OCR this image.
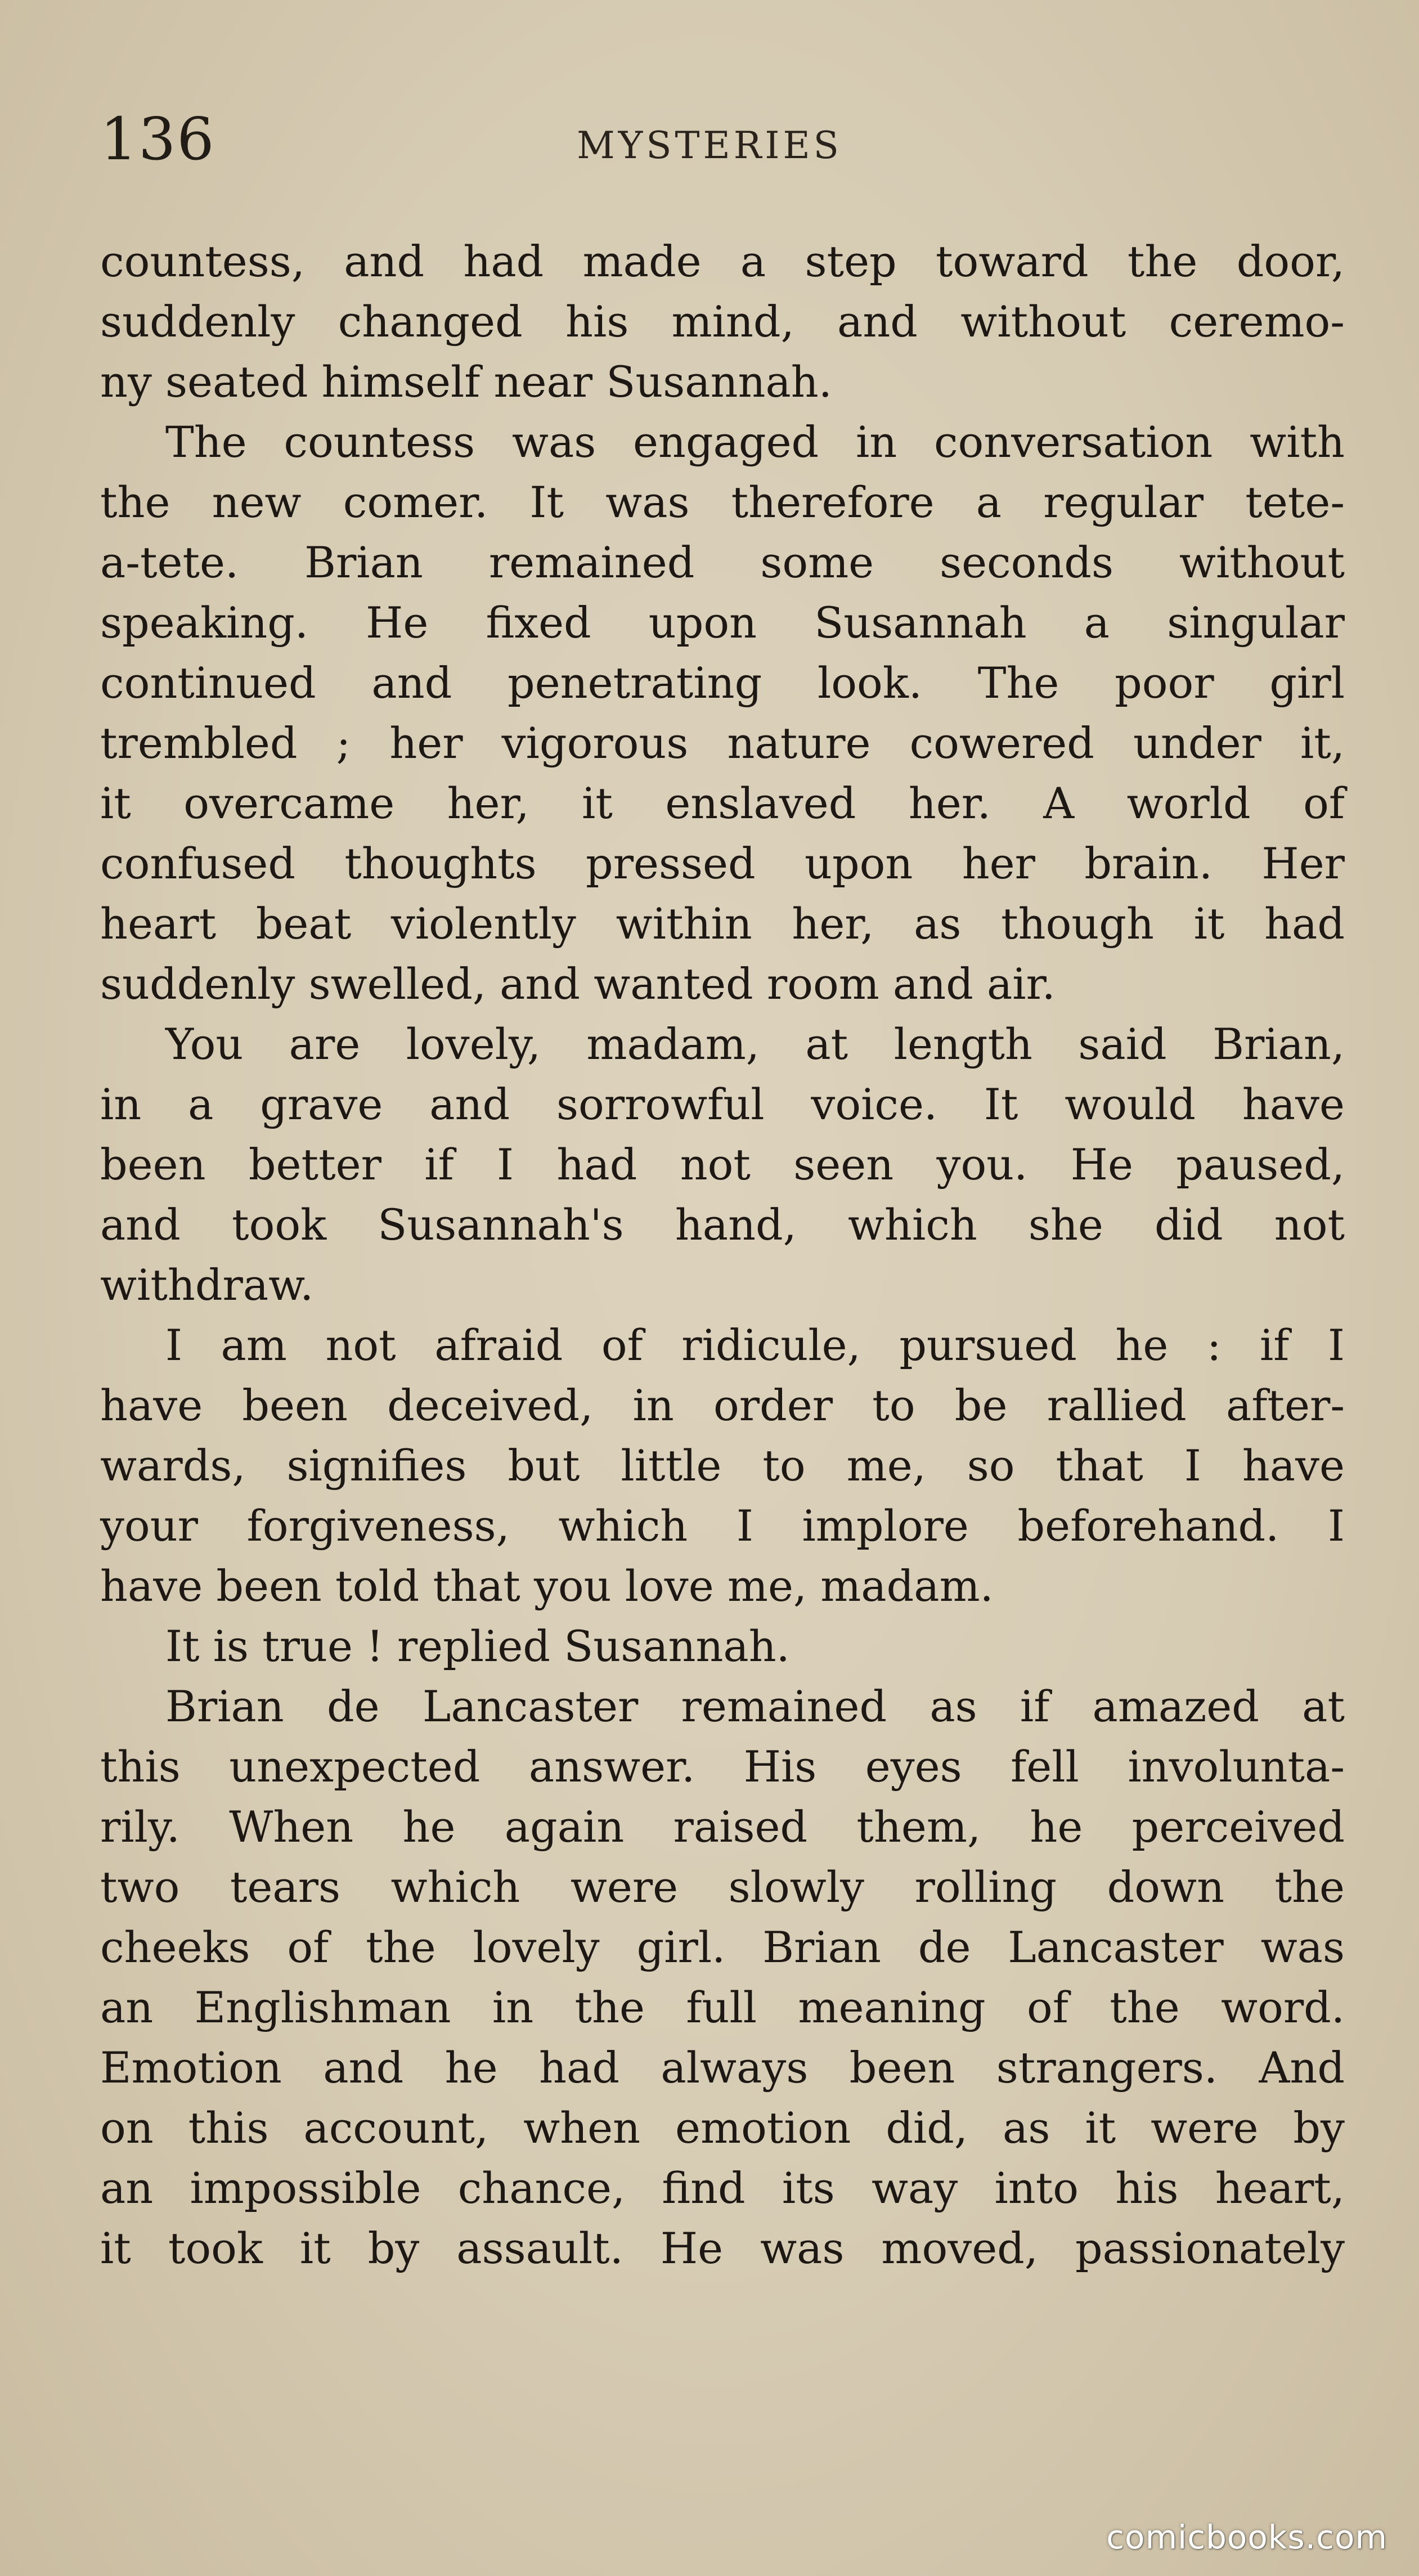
136	MYSTERIES
countess, and had made a step toward the door,
suddenly changed his mind, and without ceremo-
ny seated himself near Susannah.
The countess was engaged in conversation with
the new comer. It was therefore a regular tete-
a-tete. Brian remained some seconds without
speaking. He fixed upon Susannah a singular
continued and penetrating look. The poor girl
trembled ; her vigorous nature cowered under it,
it overcame her, it enslaved her. A world of
confused thoughts pressed upon her brain. Her
heart beat violently within her, as though it had
suddenly swelled, and wanted room and air.
You are lovely, madam, at length said Brian,
in a grave and sorrowful voice. It would have
been better if I had not seen you. He paused,
and took Susannah's hand, which she did not
withdraw.
I am not afraid of ridicule, pursued he : if I
have been deceived, in order to be rallied after-
wards, signifies but little to me, so that I have
your forgiveness, which I implore beforehand. I
have been told that you love me, madam.
It is true ! replied Susannah.
Brian de Lancaster remained as if amazed at
this unexpected answer. His eyes fell involunta-
rily. When he again raised them, he perceived
two tears which were slowly rolling down the
cheeks of the lovely girl. Brian de Lancaster was
an Englishman in the full meaning of the word.
Emotion and he had always been strangers. And
on this account, when emotion did, as it were by
an impossible chance, find its way into his heart,
it took it by assault. He was moved, passionately
comicbooks.com
